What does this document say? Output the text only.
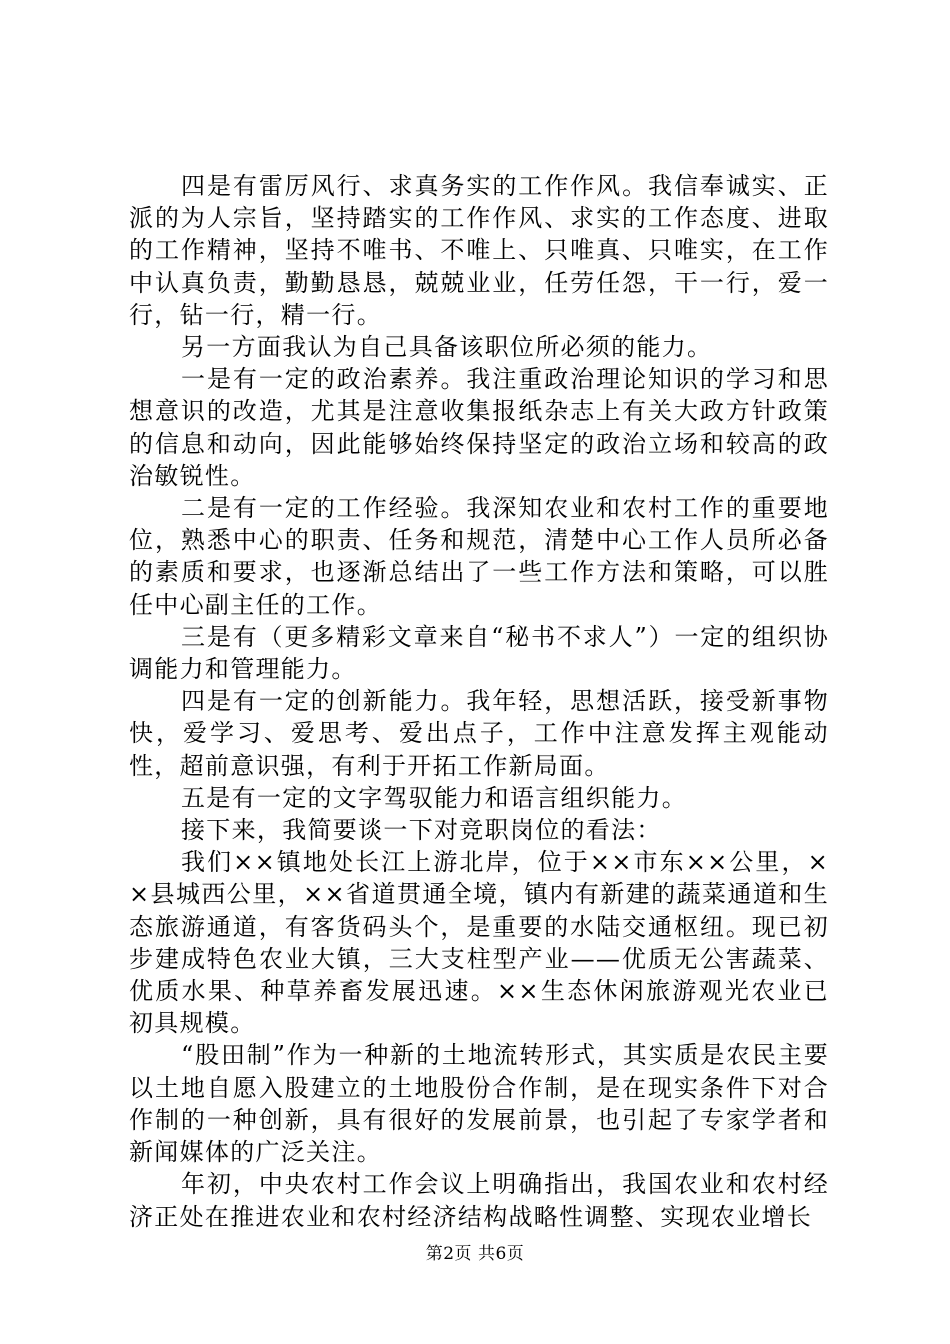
四是有雷厉风行、求真务实的工作作风。我信奉诚实、正派的为人宗旨，坚持踏实的工作作风、求实的工作态度、进取的工作精神，坚持不唯书、不唯上、只唯真、只唯实，在工作中认真负责，勤勤恳恳，兢兢业业，任劳任怨，干一行，爱一行，钻一行，精一行。

另一方面我认为自己具备该职位所必须的能力。

一是有一定的政治素养。我注重政治理论知识的学习和思想意识的改造，尤其是注意收集报纸杂志上有关大政方针政策的信息和动向，因此能够始终保持坚定的政治立场和较高的政治敏锐性。

二是有一定的工作经验。我深知农业和农村工作的重要地位，熟悉中心的职责、任务和规范，清楚中心工作人员所必备的素质和要求，也逐渐总结出了一些工作方法和策略，可以胜任中心副主任的工作。

三是有（更多精彩文章来自“秘书不求人”）一定的组织协调能力和管理能力。

四是有一定的创新能力。我年轻，思想活跃，接受新事物快，爱学习、爱思考、爱出点子，工作中注意发挥主观能动性，超前意识强，有利于开拓工作新局面。

五是有一定的文字驾驭能力和语言组织能力。

接下来，我简要谈一下对竞职岗位的看法：

我们××镇地处长江上游北岸，位于××市东××公里，××县城西公里，××省道贯通全境，镇内有新建的蔬菜通道和生态旅游通道，有客货码头个，是重要的水陆交通枢纽。现已初步建成特色农业大镇，三大支柱型产业——优质无公害蔬菜、优质水果、种草养畜发展迅速。××生态休闲旅游观光农业已初具规模。

“股田制”作为一种新的土地流转形式，其实质是农民主要以土地自愿入股建立的土地股份合作制，是在现实条件下对合作制的一种创新，具有很好的发展前景，也引起了专家学者和新闻媒体的广泛关注。

年初，中央农村工作会议上明确指出，我国农业和农村经济正处在推进农业和农村经济结构战略性调整、实现农业增长

第2页 共6页
